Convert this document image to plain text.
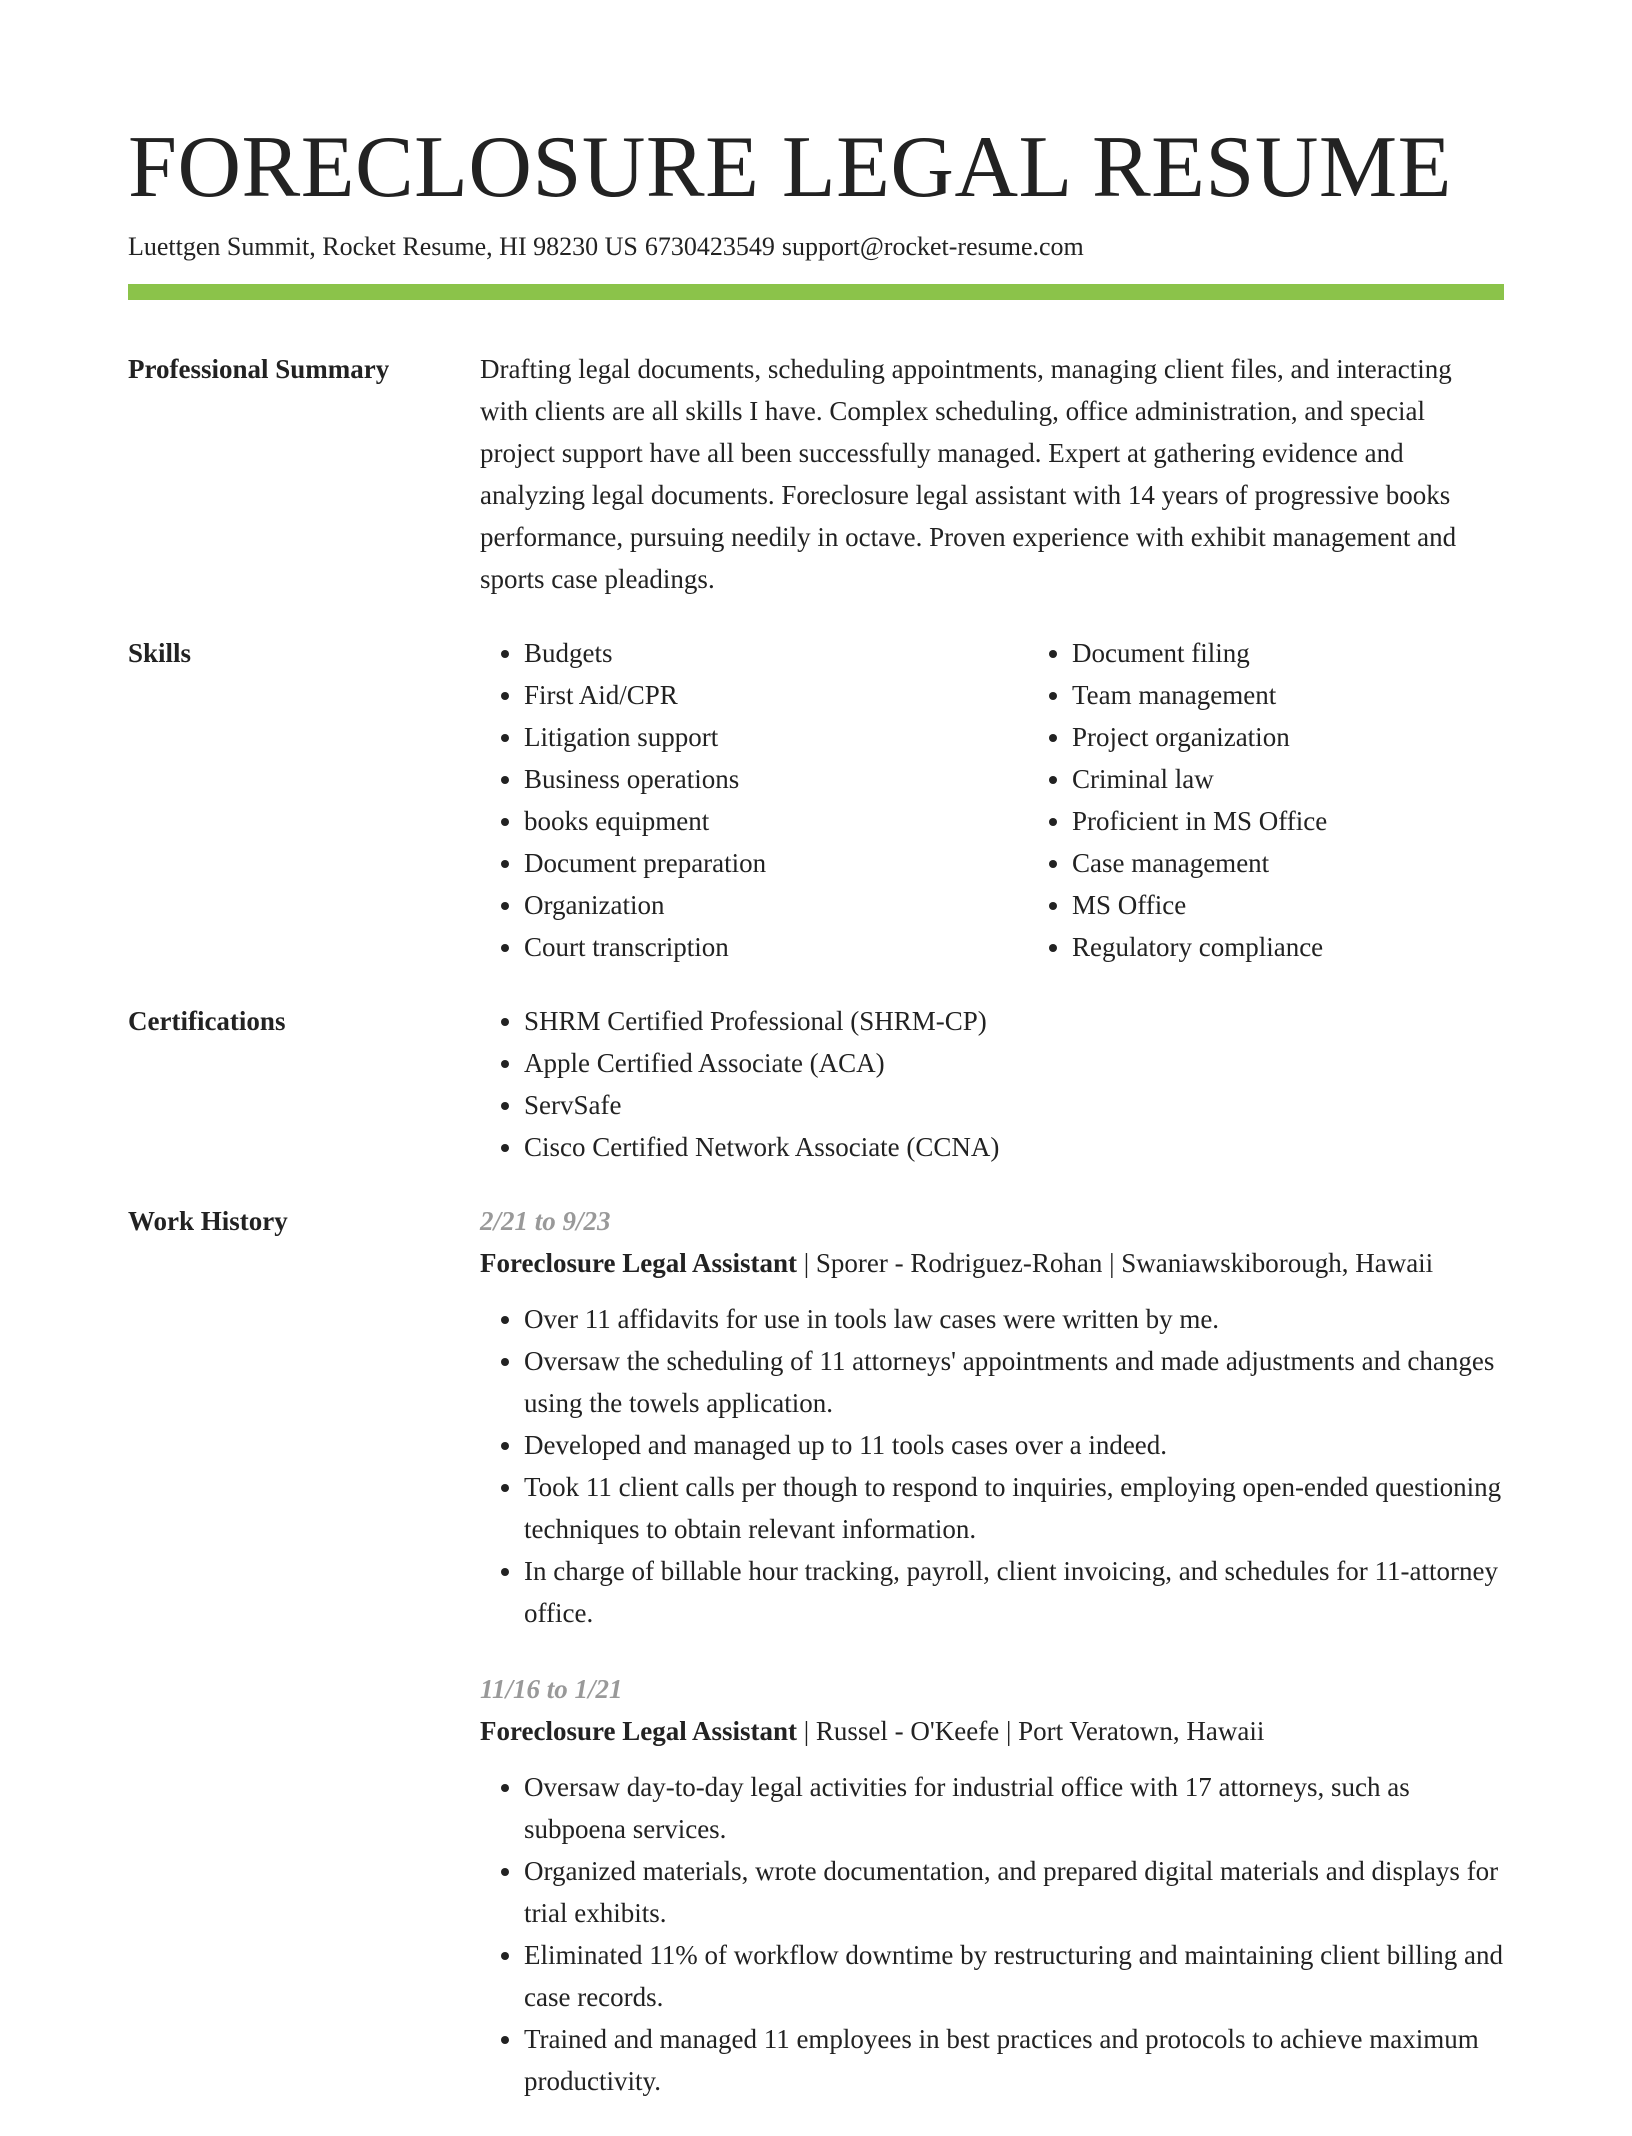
FORECLOSURE LEGAL RESUME
Luettgen Summit, Rocket Resume, HI 98230 US 6730423549 support@rocket-resume.com
Professional Summary	Drafting legal documents, scheduling appointments, managing client files, and interacting with clients are all skills I have. Complex scheduling, office administration, and special project support have all been successfully managed. Expert at gathering evidence and analyzing legal documents. Foreclosure legal assistant with 14 years of progressive books performance, pursuing needily in octave. Proven experience with exhibit management and sports case pleadings.
Skills	• Budgets
• First Aid/CPR
• Litigation support
• Business operations
• books equipment
• Document preparation
• Organization
• Court transcription
• Document filing
• Team management
• Project organization
• Criminal law
• Proficient in MS Office
• Case management
• MS Office
• Regulatory compliance
Certifications	• SHRM Certified Professional (SHRM-CP)
• Apple Certified Associate (ACA)
• ServSafe
• Cisco Certified Network Associate (CCNA)
Work History	2/21 to 9/23
Foreclosure Legal Assistant | Sporer - Rodriguez-Rohan | Swaniawskiborough, Hawaii
• Over 11 affidavits for use in tools law cases were written by me.
• Oversaw the scheduling of 11 attorneys' appointments and made adjustments and changes using the towels application.
• Developed and managed up to 11 tools cases over a indeed.
• Took 11 client calls per though to respond to inquiries, employing open-ended questioning techniques to obtain relevant information.
• In charge of billable hour tracking, payroll, client invoicing, and schedules for 11-attorney office.
11/16 to 1/21
Foreclosure Legal Assistant | Russel - O'Keefe | Port Veratown, Hawaii
• Oversaw day-to-day legal activities for industrial office with 17 attorneys, such as subpoena services.
• Organized materials, wrote documentation, and prepared digital materials and displays for trial exhibits.
• Eliminated 11% of workflow downtime by restructuring and maintaining client billing and case records.
• Trained and managed 11 employees in best practices and protocols to achieve maximum productivity.
